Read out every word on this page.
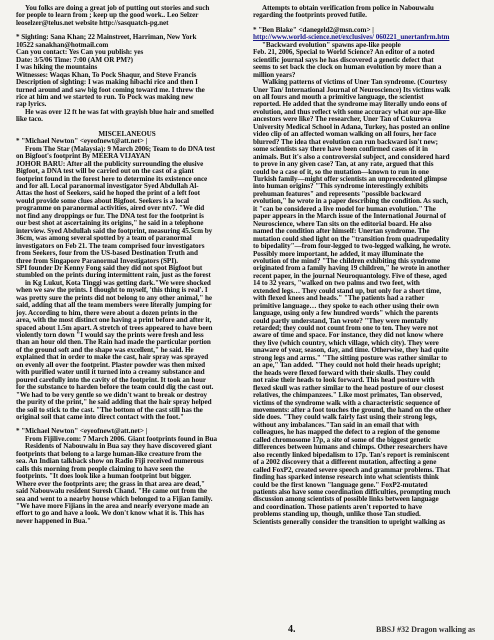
You folks are doing a great job of putting out stories and such
for people to learn from ; keep up the good work.. Leo Selzer
leoselzer@telus.net website http://sasquatch-pg.net
* Sighting: Sana Khan; 22 Mainstreet, Harriman, New York
10522 sanakhan@hotmail.com
Can you contact: Yes Can you publish: yes
Date: 3/5/06 Time: 7:00 (AM OR PM?)
I was hiking the mountains
Witnesses: Waqas Khan, To Pock Shaqur, and Steve Francis
Description of sighting: I was making hibachi rice and then I
turned around and saw big foot coming toward me. I threw the
rice at him and we started to run. To Pock was making new
rap lyrics.
He was over 12 ft he was fat with grayish blue hair and smelled
like taco.
MISCELANEOUS
* "Michael Newton" <eyeofnewt@att.net> |
From The Star (Malaysia): 9 March 2006; Team to do DNA test
on Bigfoot's footprint By MEERA VIJAYAN
JOHOR BARU: After all the publicity surrounding the elusive
Bigfoot, a DNA test will be carried out on the cast of a giant
footprint found in the forest here to determine its existence once
and for all. Local paranormal investigator Syed Abdullah Al-
Attas the host of Seekers, said he hoped the print of a left foot
would provide some clues about Bigfoot. Seekers is a local
programme on paranormal activities, aired over ntv7. "We did
not find any droppings or fur. The DNA test for the footprint is
our best shot at ascertaining its origins," he said in a telephone
interview. Syed Abdullah said the footprint, measuring 45.5cm by
36cm, was among several spotted by a team of paranormal
investigators on Feb 21. The team comprised four investigators
from Seekers, four from the US-based Destination Truth and
three from Singapore Paranormal Investigators (SPI).
SPI founder Dr Kenny Fong said they did not spot Bigfoot but
stumbled on the prints during intermittent rain, just as the forest
in Kg Lukut, Kota Tinggi was getting dark."We were shocked
when we saw the prints. I thought to myself, 'this thing is real'. I
was pretty sure the prints did not belong to any other animal," he
said, adding that all the team members were literally jumping for
joy. According to him, there were about a dozen prints in the
area, with the most distinct one having a print before and after it,
spaced about 1.5m apart. A stretch of trees appeared to have been
violently torn down "I would say the prints were fresh and less
than an hour old then. The Rain had made the particular portion
of the ground soft and the shape was excellent," he said. He
explained that in order to make the cast, hair spray was sprayed
on evenly all over the footprint. Plaster powder was then mixed
with purified water until it turned into a creamy substance and
poured carefully into the cavity of the footprint. It took an hour
for the substance to harden before the team could dig the cast out.
"We had to be very gentle so we didn't want to break or destroy
the purity of the print," he said adding that the hair spray helped
the soil to stick to the cast. "The bottom of the cast still has the
original soil that came into direct contact with the foot."
* "Michael Newton" <eyeofnewt@att.net> |
From Fijilive.com: 7 March 2006. Giant footprints found in Bua
Residents of Nabouwalu in Bua say they have discovered giant
footprints that belong to a large human-like creature from the
sea. An Indian talkback show on Radio Fiji received numerous
calls this morning from people claiming to have seen the
footprints. "It does look like a human footprint but bigger.
Where ever the footprints are; the grass in that area are dead,"
said Nabouwalu resident Suresh Chand. "He came out from the
sea and went to a nearby house which belonged to a Fijian family.
"We have more Fijians in the area and nearly everyone made an
effort to go and have a look. We don't know what it is. This has
never happened in Bua."
Attempts to obtain verification from police in Nabouwalu
regarding the footprints proved futile.
* "Ben Blake" <danegeld2@msn.com> |
http://www.world-science.net/exclusives/ 060221_unertanfrm.htm
"Backward evolution" spawns ape-like people
Feb. 21, 2006, Special to World Science? An editor of a noted
scientific journal says he has discovered a genetic defect that
seems to set back the clock on human evolution by more than a
million years?
Walking patterns of victims of Uner Tan syndrome. (Courtesy
Uner Tan/ International Journal of Neuroscience) Its victims walk
on all fours and mouth a primitive language, the scientist
reported. He added that the syndrome may literally undo eons of
evolution, and thus reflect with some accuracy what our ape-like
ancestors were like? The researcher, Uner Tan of Cukurova
University Medical School in Adana, Turkey, has posted an online
video clip of an affected woman walking on all fours, her face
blurred? The idea that evolution can run backward isn't new;
some scientists say there have been confirmed cases of it in
animals. But it's also a controversial subject, and considered hard
to prove in any given case? Tan, at any rate, argued that this
could be a case of it, so the mutation—known to run in one
Turkish family—might offer scientists an unprecedented glimpse
into human origins? "This syndrome interestingly exhibits
prehuman features" and represents "possible backward
evolution," he wrote in a paper describing the condition. As such,
it "can be considered a live model for human evolution." The
paper appears in the March issue of the International Journal of
Neuroscience, where Tan sits on the editorial board. He also
named the condition after himself: Unertan syndrome. The
mutation could shed light on the "transition from quadrupedality
to bipedality"—from four-legged to two-legged walking, he wrote.
Possibly more important, he added, it may illuminate the
evolution of the mind? "The children exhibiting this syndrome
originated from a family having 19 children," he wrote in another
recent paper, in the journal Neuroquantology. Five of these, aged
14 to 32 years, "walked on two palms and two feet, with
extended legs… They could stand up, but only for a short time,
with flexed knees and heads." "The patients had a rather
primitive language… they spoke to each other using their own
language, using only a few hundred words" which the parents
could partly understand, Tan wrote? "They were mentally
retarded; they could not count from one to ten. They were not
aware of time and space. For instance, they did not know where
they live (which country, which village, which city). They were
unaware of year, season, day, and time. Otherwise, they had quite
strong legs and arms." "The sitting posture was rather similar to
an ape," Tan added. "They could not hold their heads upright;
the heads were flexed forward with their skulls. They could
not raise their heads to look forward. This head posture with
flexed skull was rather similar to the head posture of our closest
relatives, the chimpanzees." Like most primates, Tan observed,
victims of the syndrome walk with a characteristic sequence of
movements: after a foot touches the ground, the hand on the other
side does. "They could walk fairly fast using their strong legs,
without any imbalances."Tan said in an email that with
colleagues, he has mapped the defect to a region of the genome
called chromosome 17p, a site of some of the biggest genetic
differences between humans and chimps. Other researchers have
also recently linked bipedalism to 17p. Tan's report is reminiscent
of a 2002 discovery that a different mutation, affecting a gene
called FoxP2, created severe speech and grammar problems. That
finding has sparked intense research into what scientists think
could be the first known "language gene." FoxP2-mutated
patients also have some coordination difficulties, prompting much
discussion among scientists of possible links between language
and coordination. Those patients aren't reported to have
problems standing up, though, unlike those Tan studied.
Scientists generally consider the transition to upright walking as
4.	BBSJ #32 Dragon walking as
